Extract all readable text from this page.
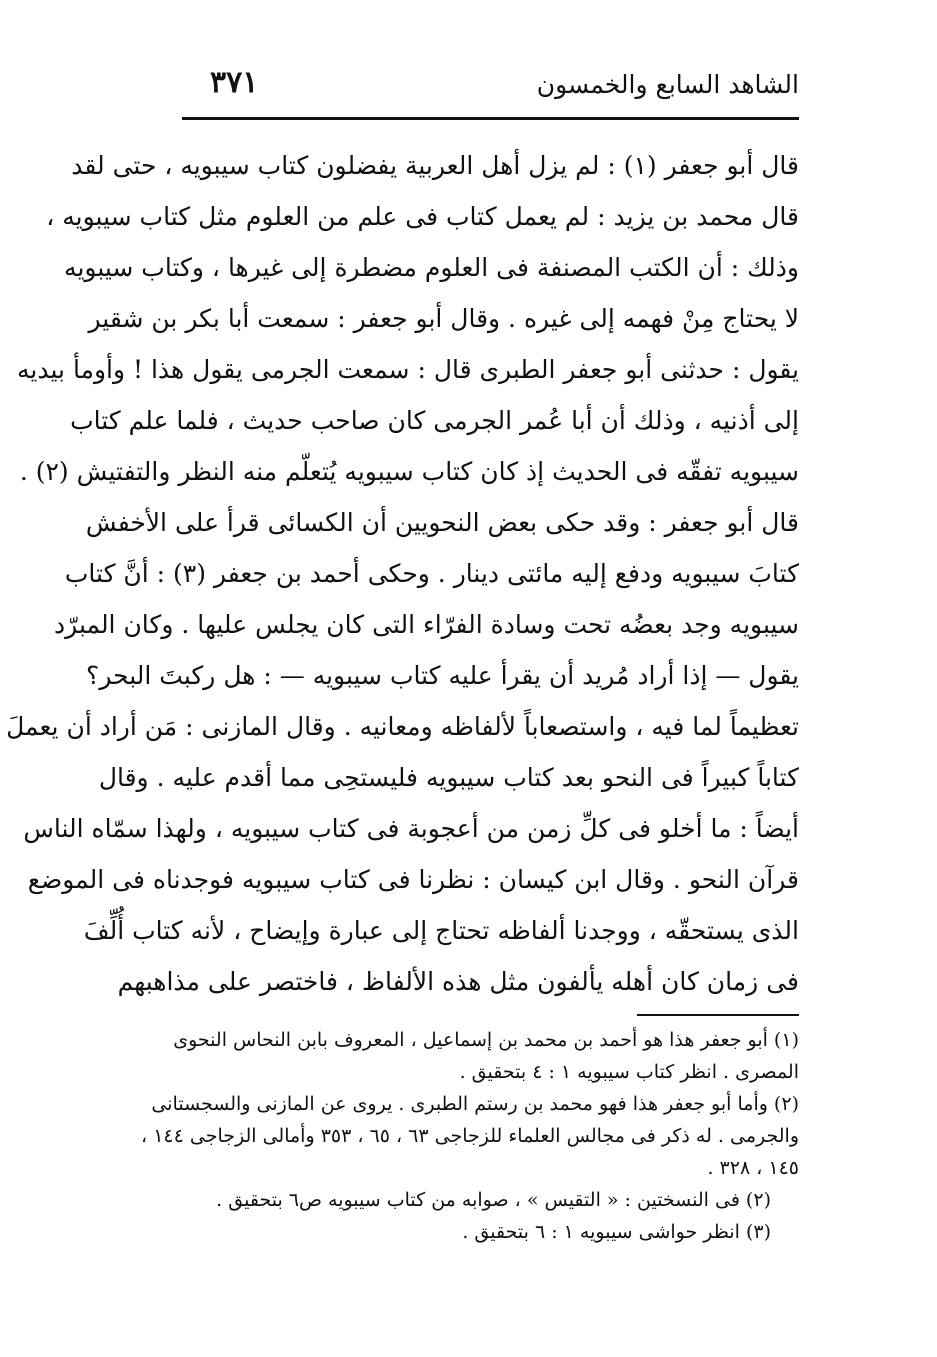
الشاهد السابع والخمسون
٣٧١
قال أبو جعفر (١) : لم يزل أهل العربية يفضلون كتاب سيبويه ، حتى لقد
قال محمد بن يزيد : لم يعمل كتاب فى علم من العلوم مثل كتاب سيبويه ،
وذلك : أن الكتب المصنفة فى العلوم مضطرة إلى غيرها ، وكتاب سيبويه
لا يحتاج مِنْ فهمه إلى غيره . وقال أبو جعفر : سمعت أبا بكر بن شقير
يقول : حدثنى أبو جعفر الطبرى قال : سمعت الجرمى يقول هذا ! وأومأ بيديه
إلى أذنيه ، وذلك أن أبا عُمر الجرمى كان صاحب حديث ، فلما علم كتاب
سيبويه تفقّه فى الحديث إذ كان كتاب سيبويه يُتعلّم منه النظر والتفتيش (٢) .
قال أبو جعفر : وقد حكى بعض النحويين أن الكسائى قرأ على الأخفش
كتابَ سيبويه ودفع إليه مائتى دينار . وحكى أحمد بن جعفر (٣) : أنَّ كتاب
سيبويه وجد بعضُه تحت وسادة الفرّاء التى كان يجلس عليها . وكان المبرّد
يقول — إذا أراد مُريد أن يقرأ عليه كتاب سيبويه — : هل ركبتَ البحر؟
تعظيماً لما فيه ، واستصعاباً لألفاظه ومعانيه . وقال المازنى : مَن أراد أن يعملَ
كتاباً كبيراً فى النحو بعد كتاب سيبويه فليستحِى مما أقدم عليه . وقال
أيضاً : ما أخلو فى كلِّ زمن من أعجوبة فى كتاب سيبويه ، ولهذا سمّاه الناس
قرآن النحو . وقال ابن كيسان : نظرنا فى كتاب سيبويه فوجدناه فى الموضع
الذى يستحقّه ، ووجدنا ألفاظه تحتاج إلى عبارة وإيضاح ، لأنه كتاب أُلِّفَ
فى زمان كان أهله يألفون مثل هذه الألفاظ ، فاختصر على مذاهبهم
(١) أبو جعفر هذا هو أحمد بن محمد بن إسماعيل ، المعروف بابن النحاس النحوى
المصرى . انظر كتاب سيبويه ١ : ٤ بتحقيق .
(٢) وأما أبو جعفر هذا فهو محمد بن رستم الطبرى . يروى عن المازنى والسجستانى
والجرمى . له ذكر فى مجالس العلماء للزجاجى ٦٣ ، ٦٥ ، ٣٥٣ وأمالى الزجاجى ١٤٤ ،
١٤٥ ، ٣٢٨ .
(٢) فى النسختين : « التقيس » ، صوابه من كتاب سيبويه ص٦ بتحقيق .
(٣) انظر حواشى سيبويه ١ : ٦ بتحقيق .
